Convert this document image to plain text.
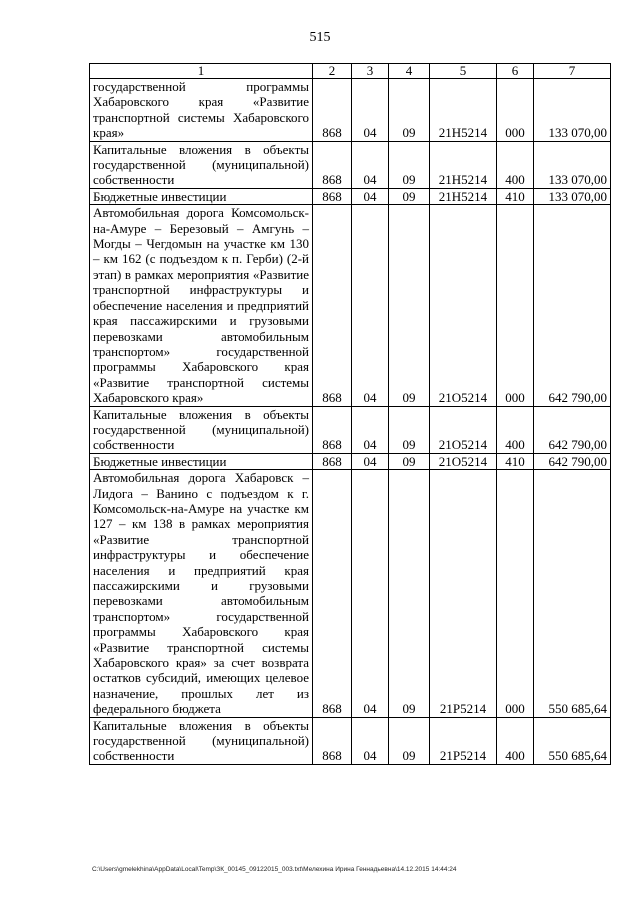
515
1	2	3	4	5	6	7

государственной программы Хабаровского края «Развитие транспортной системы Хабаровского края»	868	04	09	21Н5214	000	133 070,00

Капитальные вложения в объекты государственной (муниципальной) собственности	868	04	09	21Н5214	400	133 070,00

Бюджетные инвестиции	868	04	09	21Н5214	410	133 070,00

Автомобильная дорога Комсомольск-на-Амуре – Березовый – Амгунь – Могды – Чегдомын на участке км 130 – км 162 (с подъездом к п. Герби) (2-й этап) в рамках мероприятия «Развитие транспортной инфраструктуры и обеспечение населения и предприятий края пассажирскими и грузовыми перевозками автомобильным транспортом» государственной программы Хабаровского края «Развитие транспортной системы Хабаровского края»	868	04	09	21О5214	000	642 790,00

Капитальные вложения в объекты государственной (муниципальной) собственности	868	04	09	21О5214	400	642 790,00

Бюджетные инвестиции	868	04	09	21О5214	410	642 790,00

Автомобильная дорога Хабаровск – Лидога – Ванино с подъездом к г. Комсомольск-на-Амуре на участке км 127 – км 138 в рамках мероприятия «Развитие транспортной инфраструктуры и обеспечение населения и предприятий края пассажирскими и грузовыми перевозками автомобильным транспортом» государственной программы Хабаровского края «Развитие транспортной системы Хабаровского края» за счет возврата остатков субсидий, имеющих целевое назначение, прошлых лет из федерального бюджета	868	04	09	21Р5214	000	550 685,64

Капитальные вложения в объекты государственной (муниципальной) собственности	868	04	09	21Р5214	400	550 685,64
C:\Users\gmelekhina\AppData\Local\Temp\ЗК_00145_09122015_003.txt\Мелехина Ирина Геннадьевна\14.12.2015 14:44:24
